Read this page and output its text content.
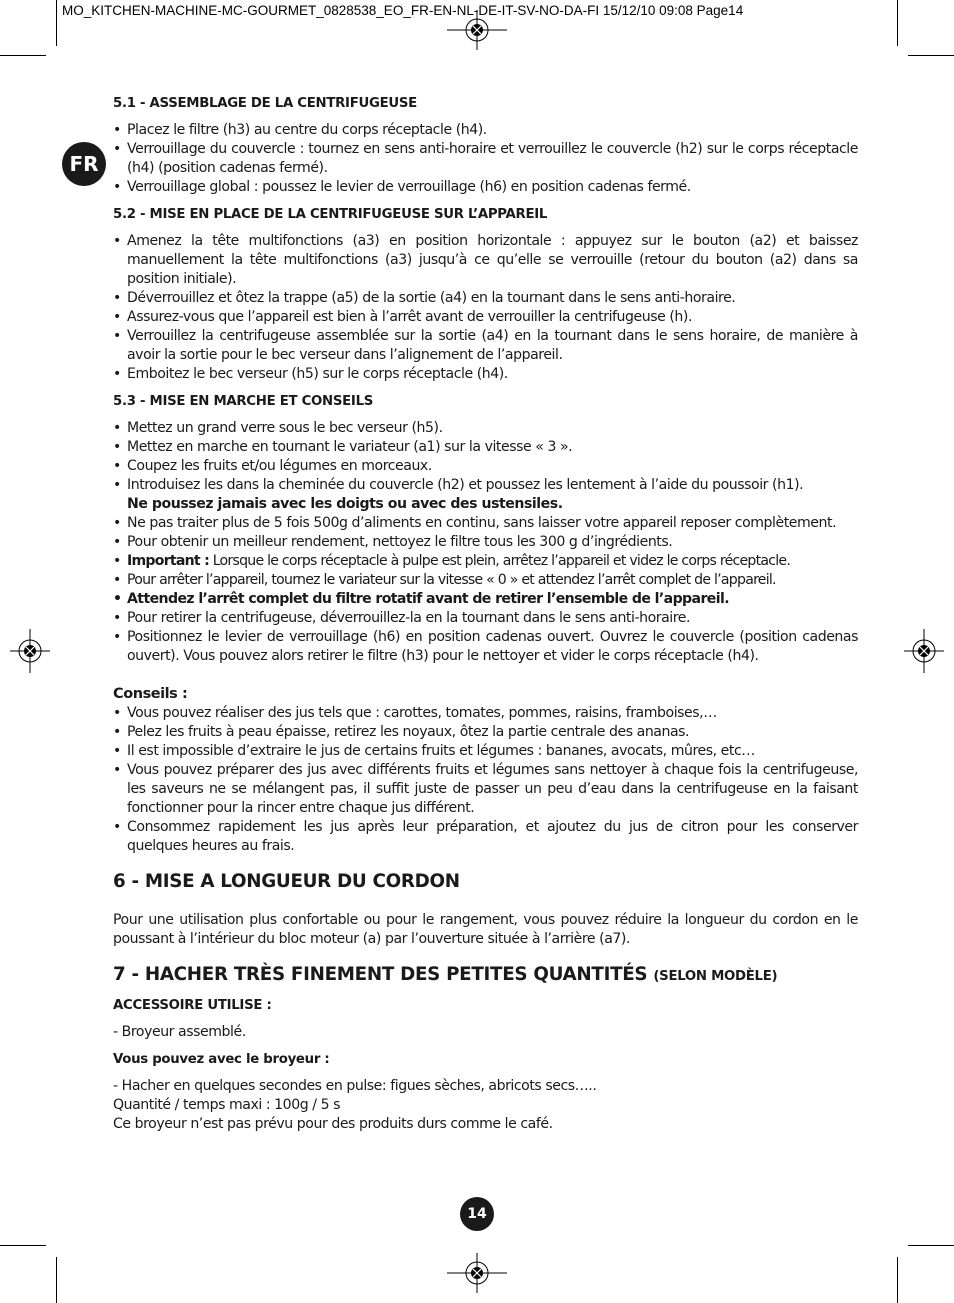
MO_KITCHEN-MACHINE-MC-GOURMET_0828538_EO_FR-EN-NL-DE-IT-SV-NO-DA-FI 15/12/10 09:08 Page14
FR

5.1 - ASSEMBLAGE DE LA CENTRIFUGEUSE

• Placez le filtre (h3) au centre du corps réceptacle (h4).
• Verrouillage du couvercle : tournez en sens anti-horaire et verrouillez le couvercle (h2) sur le corps réceptacle (h4) (position cadenas fermé).
• Verrouillage global : poussez le levier de verrouillage (h6) en position cadenas fermé.

5.2 - MISE EN PLACE DE LA CENTRIFUGEUSE SUR L’APPAREIL

• Amenez la tête multifonctions (a3) en position horizontale : appuyez sur le bouton (a2) et baissez manuellement la tête multifonctions (a3) jusqu’à ce qu’elle se verrouille (retour du bouton (a2) dans sa position initiale).
• Déverrouillez et ôtez la trappe (a5) de la sortie (a4) en la tournant dans le sens anti-horaire.
• Assurez-vous que l’appareil est bien à l’arrêt avant de verrouiller la centrifugeuse (h).
• Verrouillez la centrifugeuse assemblée sur la sortie (a4) en la tournant dans le sens horaire, de manière à avoir la sortie pour le bec verseur dans l’alignement de l’appareil.
• Emboitez le bec verseur (h5) sur le corps réceptacle (h4).

5.3 - MISE EN MARCHE ET CONSEILS

• Mettez un grand verre sous le bec verseur (h5).
• Mettez en marche en tournant le variateur (a1) sur la vitesse « 3 ».
• Coupez les fruits et/ou légumes en morceaux.
• Introduisez les dans la cheminée du couvercle (h2) et poussez les lentement à l’aide du poussoir (h1).
Ne poussez jamais avec les doigts ou avec des ustensiles.
• Ne pas traiter plus de 5 fois 500g d’aliments en continu, sans laisser votre appareil reposer complètement.
• Pour obtenir un meilleur rendement, nettoyez le filtre tous les 300 g d’ingrédients.
• Important : Lorsque le corps réceptacle à pulpe est plein, arrêtez l’appareil et videz le corps réceptacle.
• Pour arrêter l’appareil, tournez le variateur sur la vitesse « 0 » et attendez l’arrêt complet de l’appareil.
• Attendez l’arrêt complet du filtre rotatif avant de retirer l’ensemble de l’appareil.
• Pour retirer la centrifugeuse, déverrouillez-la en la tournant dans le sens anti-horaire.
• Positionnez le levier de verrouillage (h6) en position cadenas ouvert. Ouvrez le couvercle (position cadenas ouvert). Vous pouvez alors retirer le filtre (h3) pour le nettoyer et vider le corps réceptacle (h4).

Conseils :

• Vous pouvez réaliser des jus tels que : carottes, tomates, pommes, raisins, framboises,…
• Pelez les fruits à peau épaisse, retirez les noyaux, ôtez la partie centrale des ananas.
• Il est impossible d’extraire le jus de certains fruits et légumes : bananes, avocats, mûres, etc…
• Vous pouvez préparer des jus avec différents fruits et légumes sans nettoyer à chaque fois la centrifugeuse, les saveurs ne se mélangent pas, il suffit juste de passer un peu d’eau dans la centrifugeuse en la faisant fonctionner pour la rincer entre chaque jus différent.
• Consommez rapidement les jus après leur préparation, et ajoutez du jus de citron pour les conserver quelques heures au frais.

6 - MISE A LONGUEUR DU CORDON

Pour une utilisation plus confortable ou pour le rangement, vous pouvez réduire la longueur du cordon en le poussant à l’intérieur du bloc moteur (a) par l’ouverture située à l’arrière (a7).

7 - HACHER TRÈS FINEMENT DES PETITES QUANTITÉS (SELON MODÈLE)

ACCESSOIRE UTILISE :

- Broyeur assemblé.

Vous pouvez avec le broyeur :

- Hacher en quelques secondes en pulse: figues sèches, abricots secs…..

Quantité / temps maxi : 100g / 5 s

Ce broyeur n’est pas prévu pour des produits durs comme le café.

14
